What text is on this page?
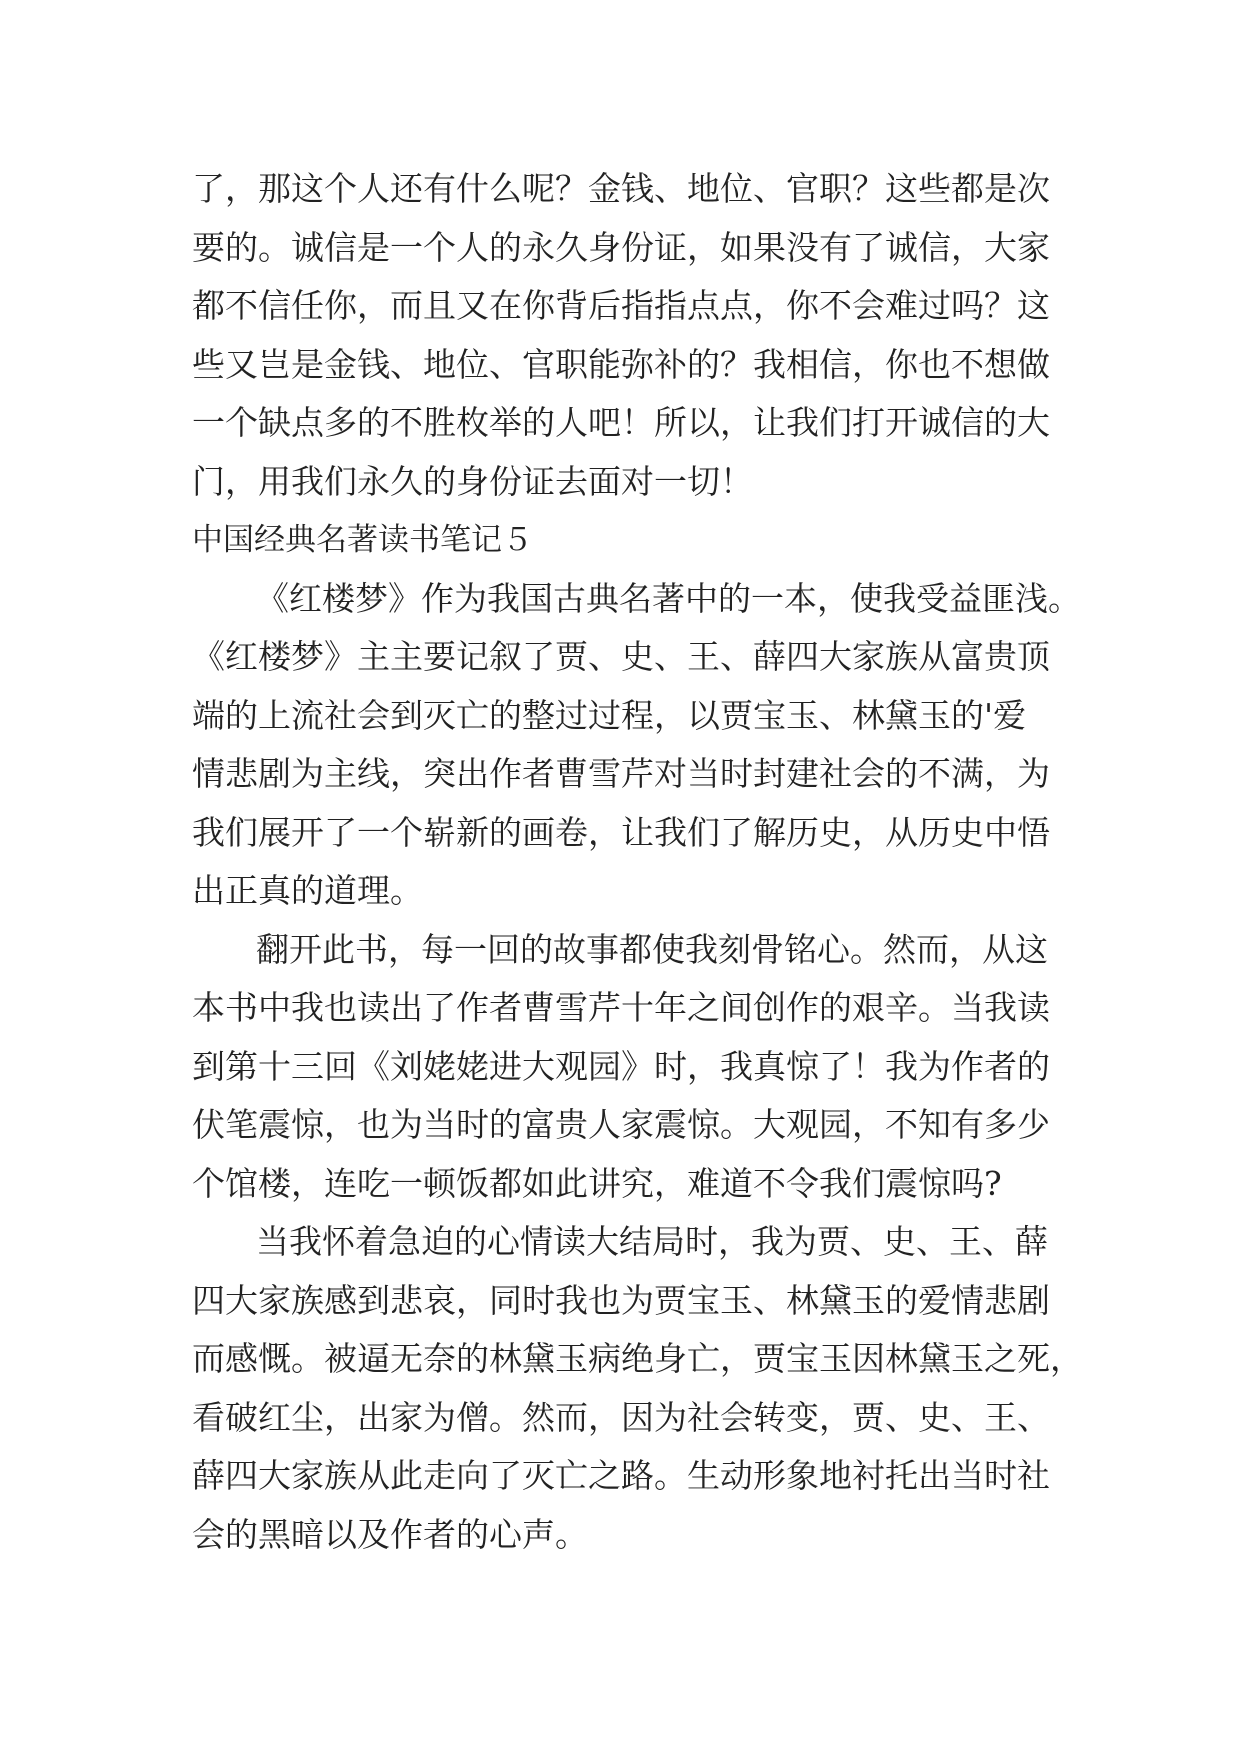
了，那这个人还有什么呢？金钱、地位、官职？这些都是次
要的。诚信是一个人的永久身份证，如果没有了诚信，大家
都不信任你，而且又在你背后指指点点，你不会难过吗？这
些又岂是金钱、地位、官职能弥补的？我相信，你也不想做
一个缺点多的不胜枚举的人吧！所以，让我们打开诚信的大
门，用我们永久的身份证去面对一切！
中国经典名著读书笔记５
《红楼梦》作为我国古典名著中的一本，使我受益匪浅。
《红楼梦》主主要记叙了贾、史、王、薛四大家族从富贵顶
端的上流社会到灭亡的整过过程，以贾宝玉、林黛玉的'爱
情悲剧为主线，突出作者曹雪芹对当时封建社会的不满，为
我们展开了一个崭新的画卷，让我们了解历史，从历史中悟
出正真的道理。
翻开此书，每一回的故事都使我刻骨铭心。然而，从这
本书中我也读出了作者曹雪芹十年之间创作的艰辛。当我读
到第十三回《刘姥姥进大观园》时，我真惊了！我为作者的
伏笔震惊，也为当时的富贵人家震惊。大观园，不知有多少
个馆楼，连吃一顿饭都如此讲究，难道不令我们震惊吗?
当我怀着急迫的心情读大结局时，我为贾、史、王、薛
四大家族感到悲哀，同时我也为贾宝玉、林黛玉的爱情悲剧
而感慨。被逼无奈的林黛玉病绝身亡，贾宝玉因林黛玉之死，
看破红尘，出家为僧。然而，因为社会转变，贾、史、王、
薛四大家族从此走向了灭亡之路。生动形象地衬托出当时社
会的黑暗以及作者的心声。
